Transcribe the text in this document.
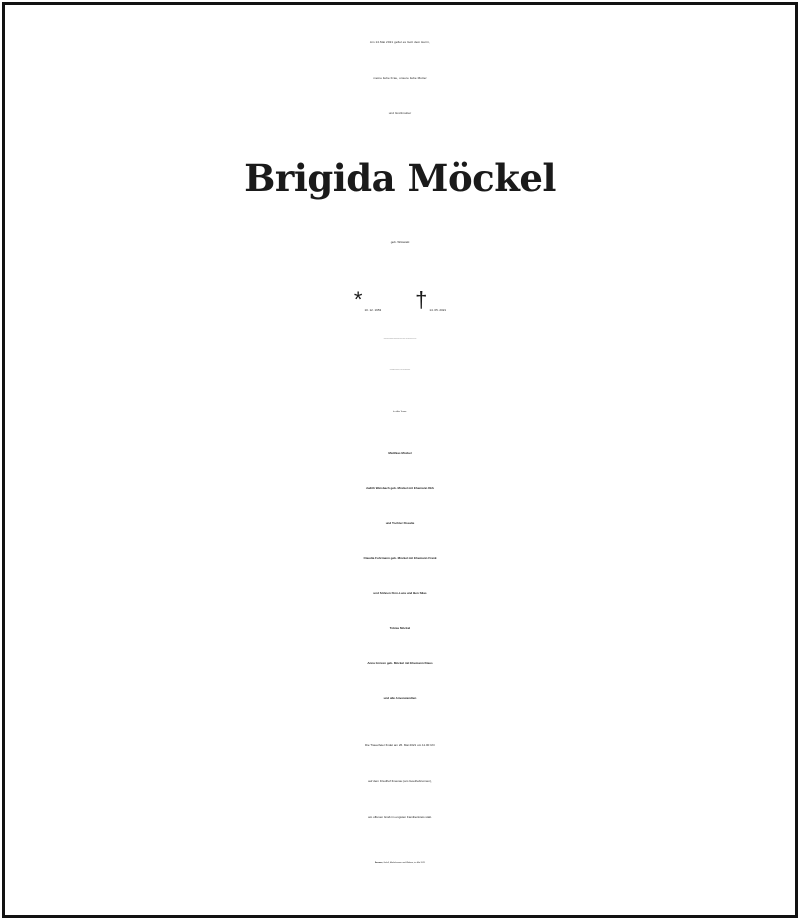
Am 14.Mai 2021 gefiel es Gott dem Herrn,
meine liebe Frau, unsere liebe Mutter
und Großmutter
Brigida Möckel
geb. Witowski
* 10. 12. 1953 † 14. 05. 2021
nach kurzer schwerer Krankheit zu sich zu rufen. Nun darf sie ihren Herrn
und Erlöser schauen, an den sie geglaubt hat.
In stiller Trauer:
Matthias Möckel
Judith Weisbach geb. Möckel mit Ehemann Dirk
und Tochter Rosalie
Claudia Fuhrmann geb. Möckel mit Ehemann Frank
und Söhnen Finn-Luca und Ben Silas
Tobias Möckel
Anna Görzen geb. Möckel mit Ehemann Klaus
und alle Anverwandten
Die Trauerfeier findet am 26. Mai 2021 um 11.00 Uhr
auf dem Friedhof Ilmenau (am Goethebrunnen),
am offenen Grab im engsten Familienkreis statt.
Ilmenau, Gefell, Marlishausen und Wabern, im Mai 2021
